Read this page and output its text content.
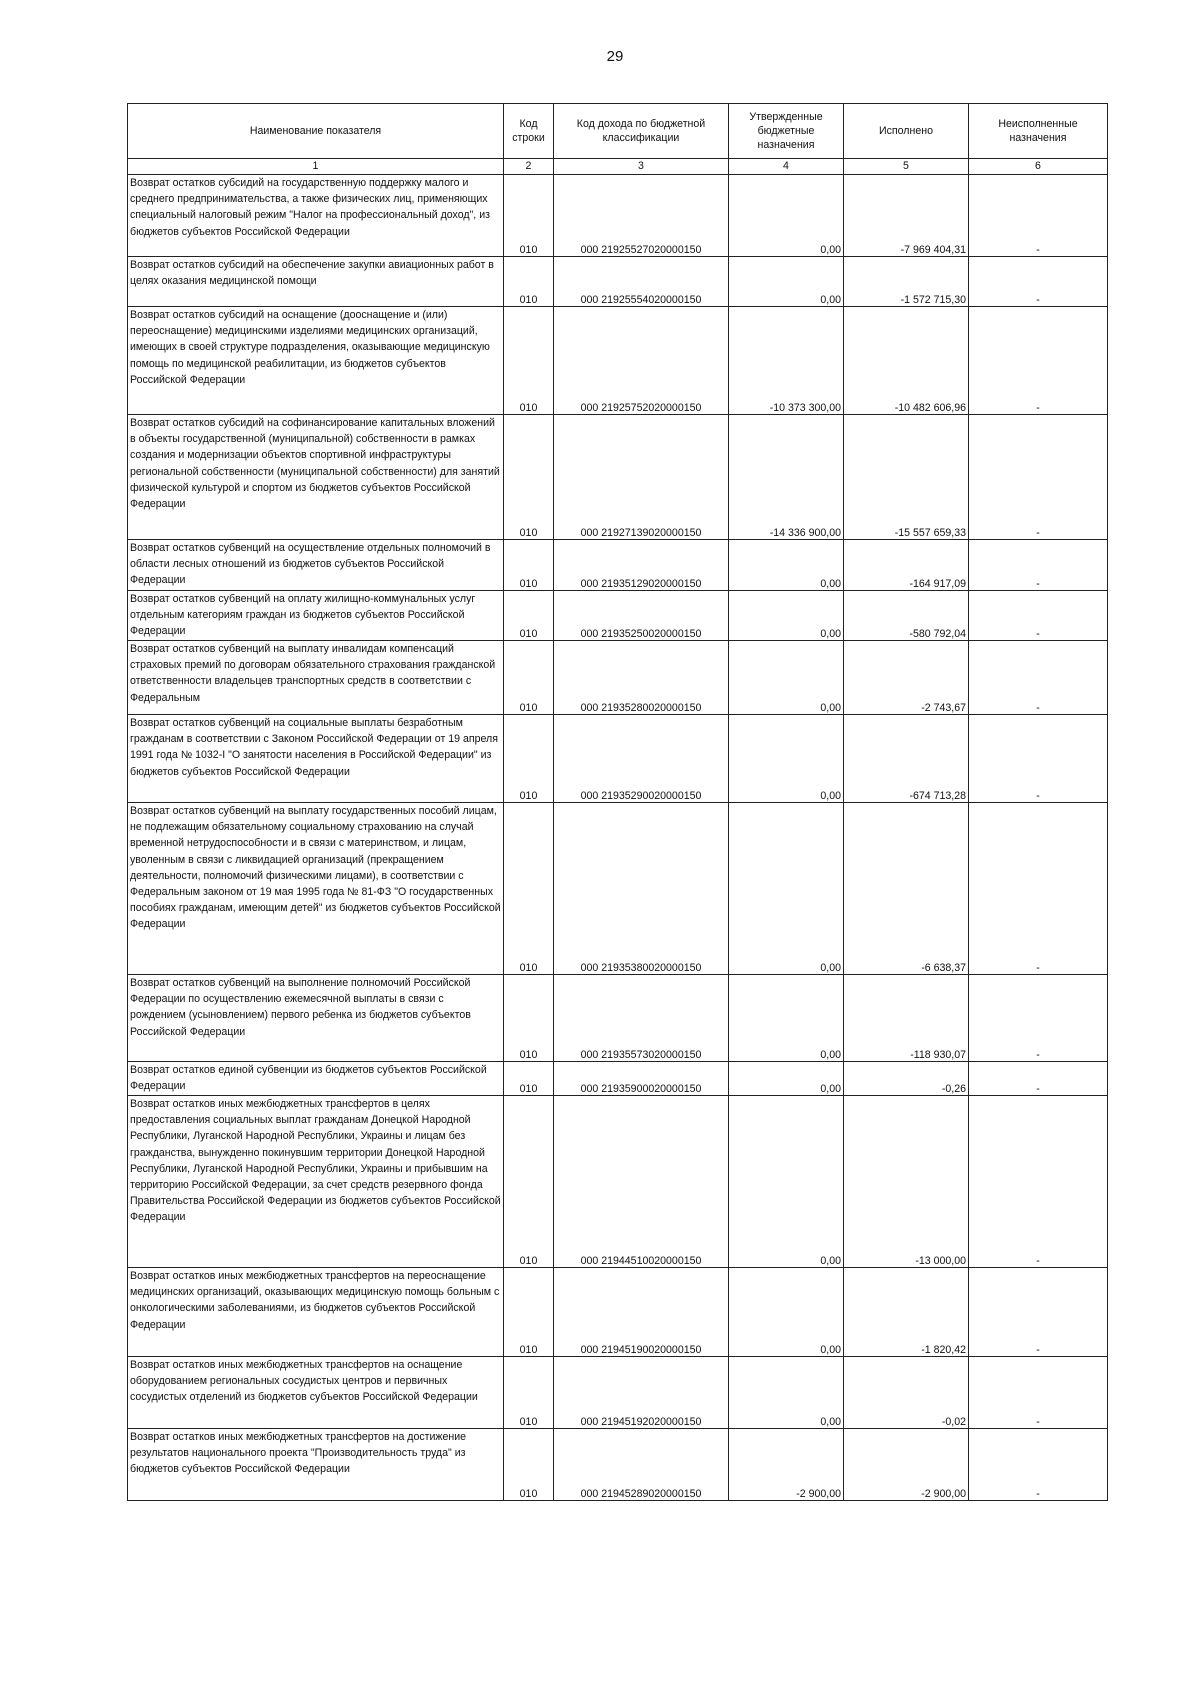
29
Наименование показателя	Код строки	Код дохода по бюджетной классификации	Утвержденные бюджетные назначения	Исполнено	Неисполненные назначения
1	2	3	4	5	6
Возврат остатков субсидий на государственную поддержку малого и среднего предпринимательства, а также физических лиц, применяющих специальный налоговый режим "Налог на профессиональный доход", из бюджетов субъектов Российской Федерации	010	000 21925527020000150	0,00	-7 969 404,31	-
Возврат остатков субсидий на обеспечение закупки авиационных работ в целях оказания медицинской помощи	010	000 21925554020000150	0,00	-1 572 715,30	-
Возврат остатков субсидий на оснащение (дооснащение и (или) переоснащение) медицинскими изделиями медицинских организаций, имеющих в своей структуре подразделения, оказывающие медицинскую помощь по медицинской реабилитации, из бюджетов субъектов Российской Федерации	010	000 21925752020000150	-10 373 300,00	-10 482 606,96	-
Возврат остатков субсидий на софинансирование капитальных вложений в объекты государственной (муниципальной) собственности в рамках создания и модернизации объектов спортивной инфраструктуры региональной собственности (муниципальной собственности) для занятий физической культурой и спортом из бюджетов субъектов Российской Федерации	010	000 21927139020000150	-14 336 900,00	-15 557 659,33	-
Возврат остатков субвенций на осуществление отдельных полномочий в области лесных отношений из бюджетов субъектов Российской Федерации	010	000 21935129020000150	0,00	-164 917,09	-
Возврат остатков субвенций на оплату жилищно-коммунальных услуг отдельным категориям граждан из бюджетов субъектов Российской Федерации	010	000 21935250020000150	0,00	-580 792,04	-
Возврат остатков субвенций на выплату инвалидам компенсаций страховых премий по договорам обязательного страхования гражданской ответственности владельцев транспортных средств в соответствии с Федеральным	010	000 21935280020000150	0,00	-2 743,67	-
Возврат остатков субвенций на социальные выплаты безработным гражданам в соответствии с Законом Российской Федерации от 19 апреля 1991 года № 1032-I "О занятости населения в Российской Федерации" из бюджетов субъектов Российской Федерации	010	000 21935290020000150	0,00	-674 713,28	-
Возврат остатков субвенций на выплату государственных пособий лицам, не подлежащим обязательному социальному страхованию на случай временной нетрудоспособности и в связи с материнством, и лицам, уволенным в связи с ликвидацией организаций (прекращением деятельности, полномочий физическими лицами), в соответствии с Федеральным законом от 19 мая 1995 года № 81-ФЗ "О государственных пособиях гражданам, имеющим детей" из бюджетов субъектов Российской Федерации	010	000 21935380020000150	0,00	-6 638,37	-
Возврат остатков субвенций на выполнение полномочий Российской Федерации по осуществлению ежемесячной выплаты в связи с рождением (усыновлением) первого ребенка из бюджетов субъектов Российской Федерации	010	000 21935573020000150	0,00	-118 930,07	-
Возврат остатков единой субвенции из бюджетов субъектов Российской Федерации	010	000 21935900020000150	0,00	-0,26	-
Возврат остатков иных межбюджетных трансфертов в целях предоставления социальных выплат гражданам Донецкой Народной Республики, Луганской Народной Республики, Украины и лицам без гражданства, вынужденно покинувшим территории Донецкой Народной Республики, Луганской Народной Республики, Украины и прибывшим на территорию Российской Федерации, за счет средств резервного фонда Правительства Российской Федерации из бюджетов субъектов Российской Федерации	010	000 21944510020000150	0,00	-13 000,00	-
Возврат остатков иных межбюджетных трансфертов на переоснащение медицинских организаций, оказывающих медицинскую помощь больным с онкологическими заболеваниями, из бюджетов субъектов Российской Федерации	010	000 21945190020000150	0,00	-1 820,42	-
Возврат остатков иных межбюджетных трансфертов на оснащение оборудованием региональных сосудистых центров и первичных сосудистых отделений из бюджетов субъектов Российской Федерации	010	000 21945192020000150	0,00	-0,02	-
Возврат остатков иных межбюджетных трансфертов на достижение результатов национального проекта "Производительность труда" из бюджетов субъектов Российской Федерации	010	000 21945289020000150	-2 900,00	-2 900,00	-
